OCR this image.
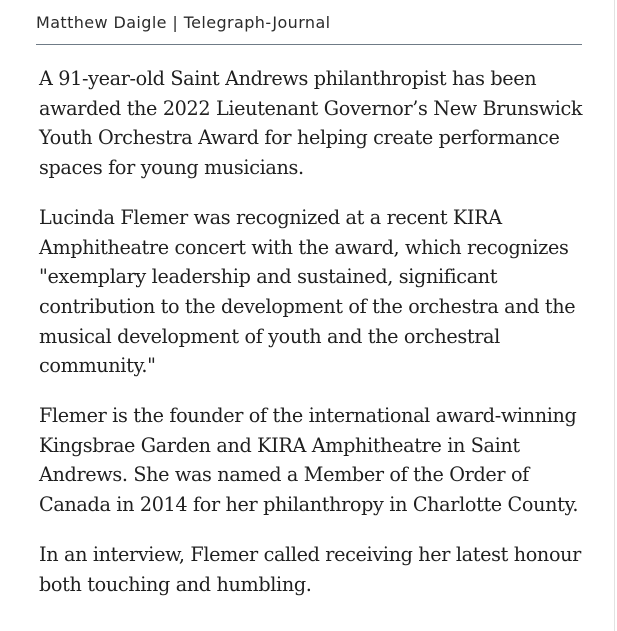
Matthew Daigle | Telegraph-Journal

A 91-year-old Saint Andrews philanthropist has been awarded the 2022 Lieutenant Governor’s New Brunswick Youth Orchestra Award for helping create performance spaces for young musicians.

Lucinda Flemer was recognized at a recent KIRA Amphitheatre concert with the award, which recognizes "exemplary leadership and sustained, significant contribution to the development of the orchestra and the musical development of youth and the orchestral community."

Flemer is the founder of the international award-winning Kingsbrae Garden and KIRA Amphitheatre in Saint Andrews. She was named a Member of the Order of Canada in 2014 for her philanthropy in Charlotte County.

In an interview, Flemer called receiving her latest honour both touching and humbling.
